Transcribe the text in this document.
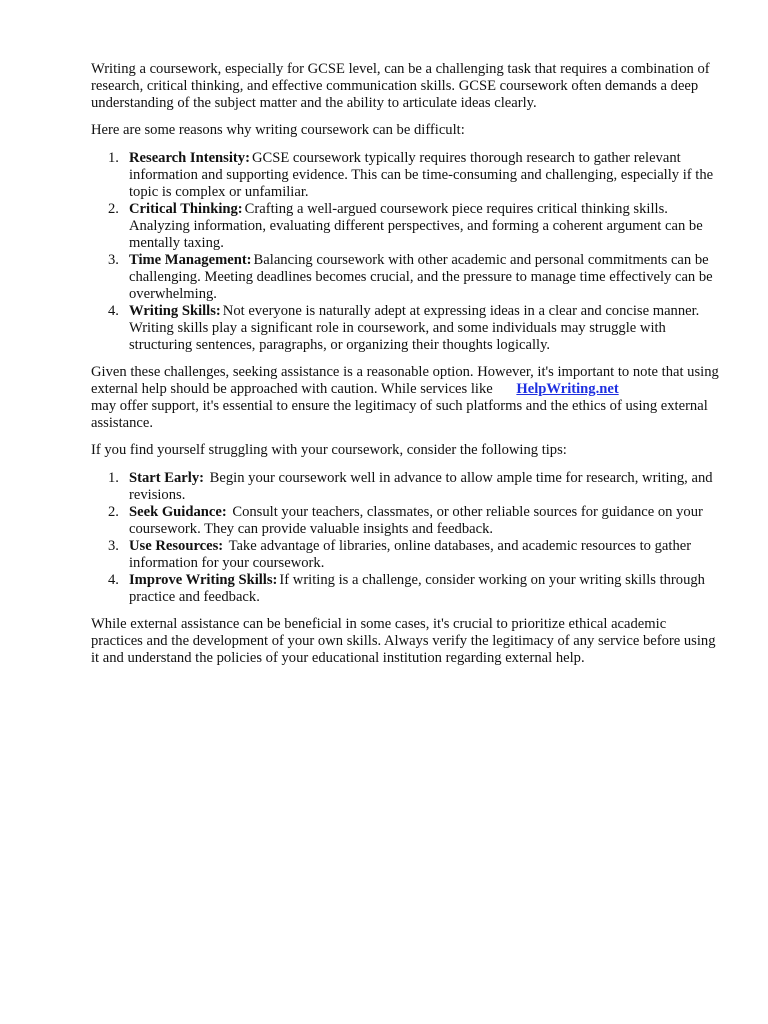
Writing a coursework, especially for GCSE level, can be a challenging task that requires a combination of research, critical thinking, and effective communication skills. GCSE coursework often demands a deep understanding of the subject matter and the ability to articulate ideas clearly.

Here are some reasons why writing coursework can be difficult:

1. Research Intensity: GCSE coursework typically requires thorough research to gather relevant information and supporting evidence. This can be time-consuming and challenging, especially if the topic is complex or unfamiliar.
2. Critical Thinking: Crafting a well-argued coursework piece requires critical thinking skills. Analyzing information, evaluating different perspectives, and forming a coherent argument can be mentally taxing.
3. Time Management: Balancing coursework with other academic and personal commitments can be challenging. Meeting deadlines becomes crucial, and the pressure to manage time effectively can be overwhelming.
4. Writing Skills: Not everyone is naturally adept at expressing ideas in a clear and concise manner. Writing skills play a significant role in coursework, and some individuals may struggle with structuring sentences, paragraphs, or organizing their thoughts logically.

Given these challenges, seeking assistance is a reasonable option. However, it's important to note that using external help should be approached with caution. While services like HelpWriting.net
may offer support, it's essential to ensure the legitimacy of such platforms and the ethics of using external assistance.

If you find yourself struggling with your coursework, consider the following tips:

1. Start Early: Begin your coursework well in advance to allow ample time for research, writing, and revisions.
2. Seek Guidance: Consult your teachers, classmates, or other reliable sources for guidance on your coursework. They can provide valuable insights and feedback.
3. Use Resources: Take advantage of libraries, online databases, and academic resources to gather information for your coursework.
4. Improve Writing Skills: If writing is a challenge, consider working on your writing skills through practice and feedback.

While external assistance can be beneficial in some cases, it's crucial to prioritize ethical academic practices and the development of your own skills. Always verify the legitimacy of any service before using it and understand the policies of your educational institution regarding external help.
